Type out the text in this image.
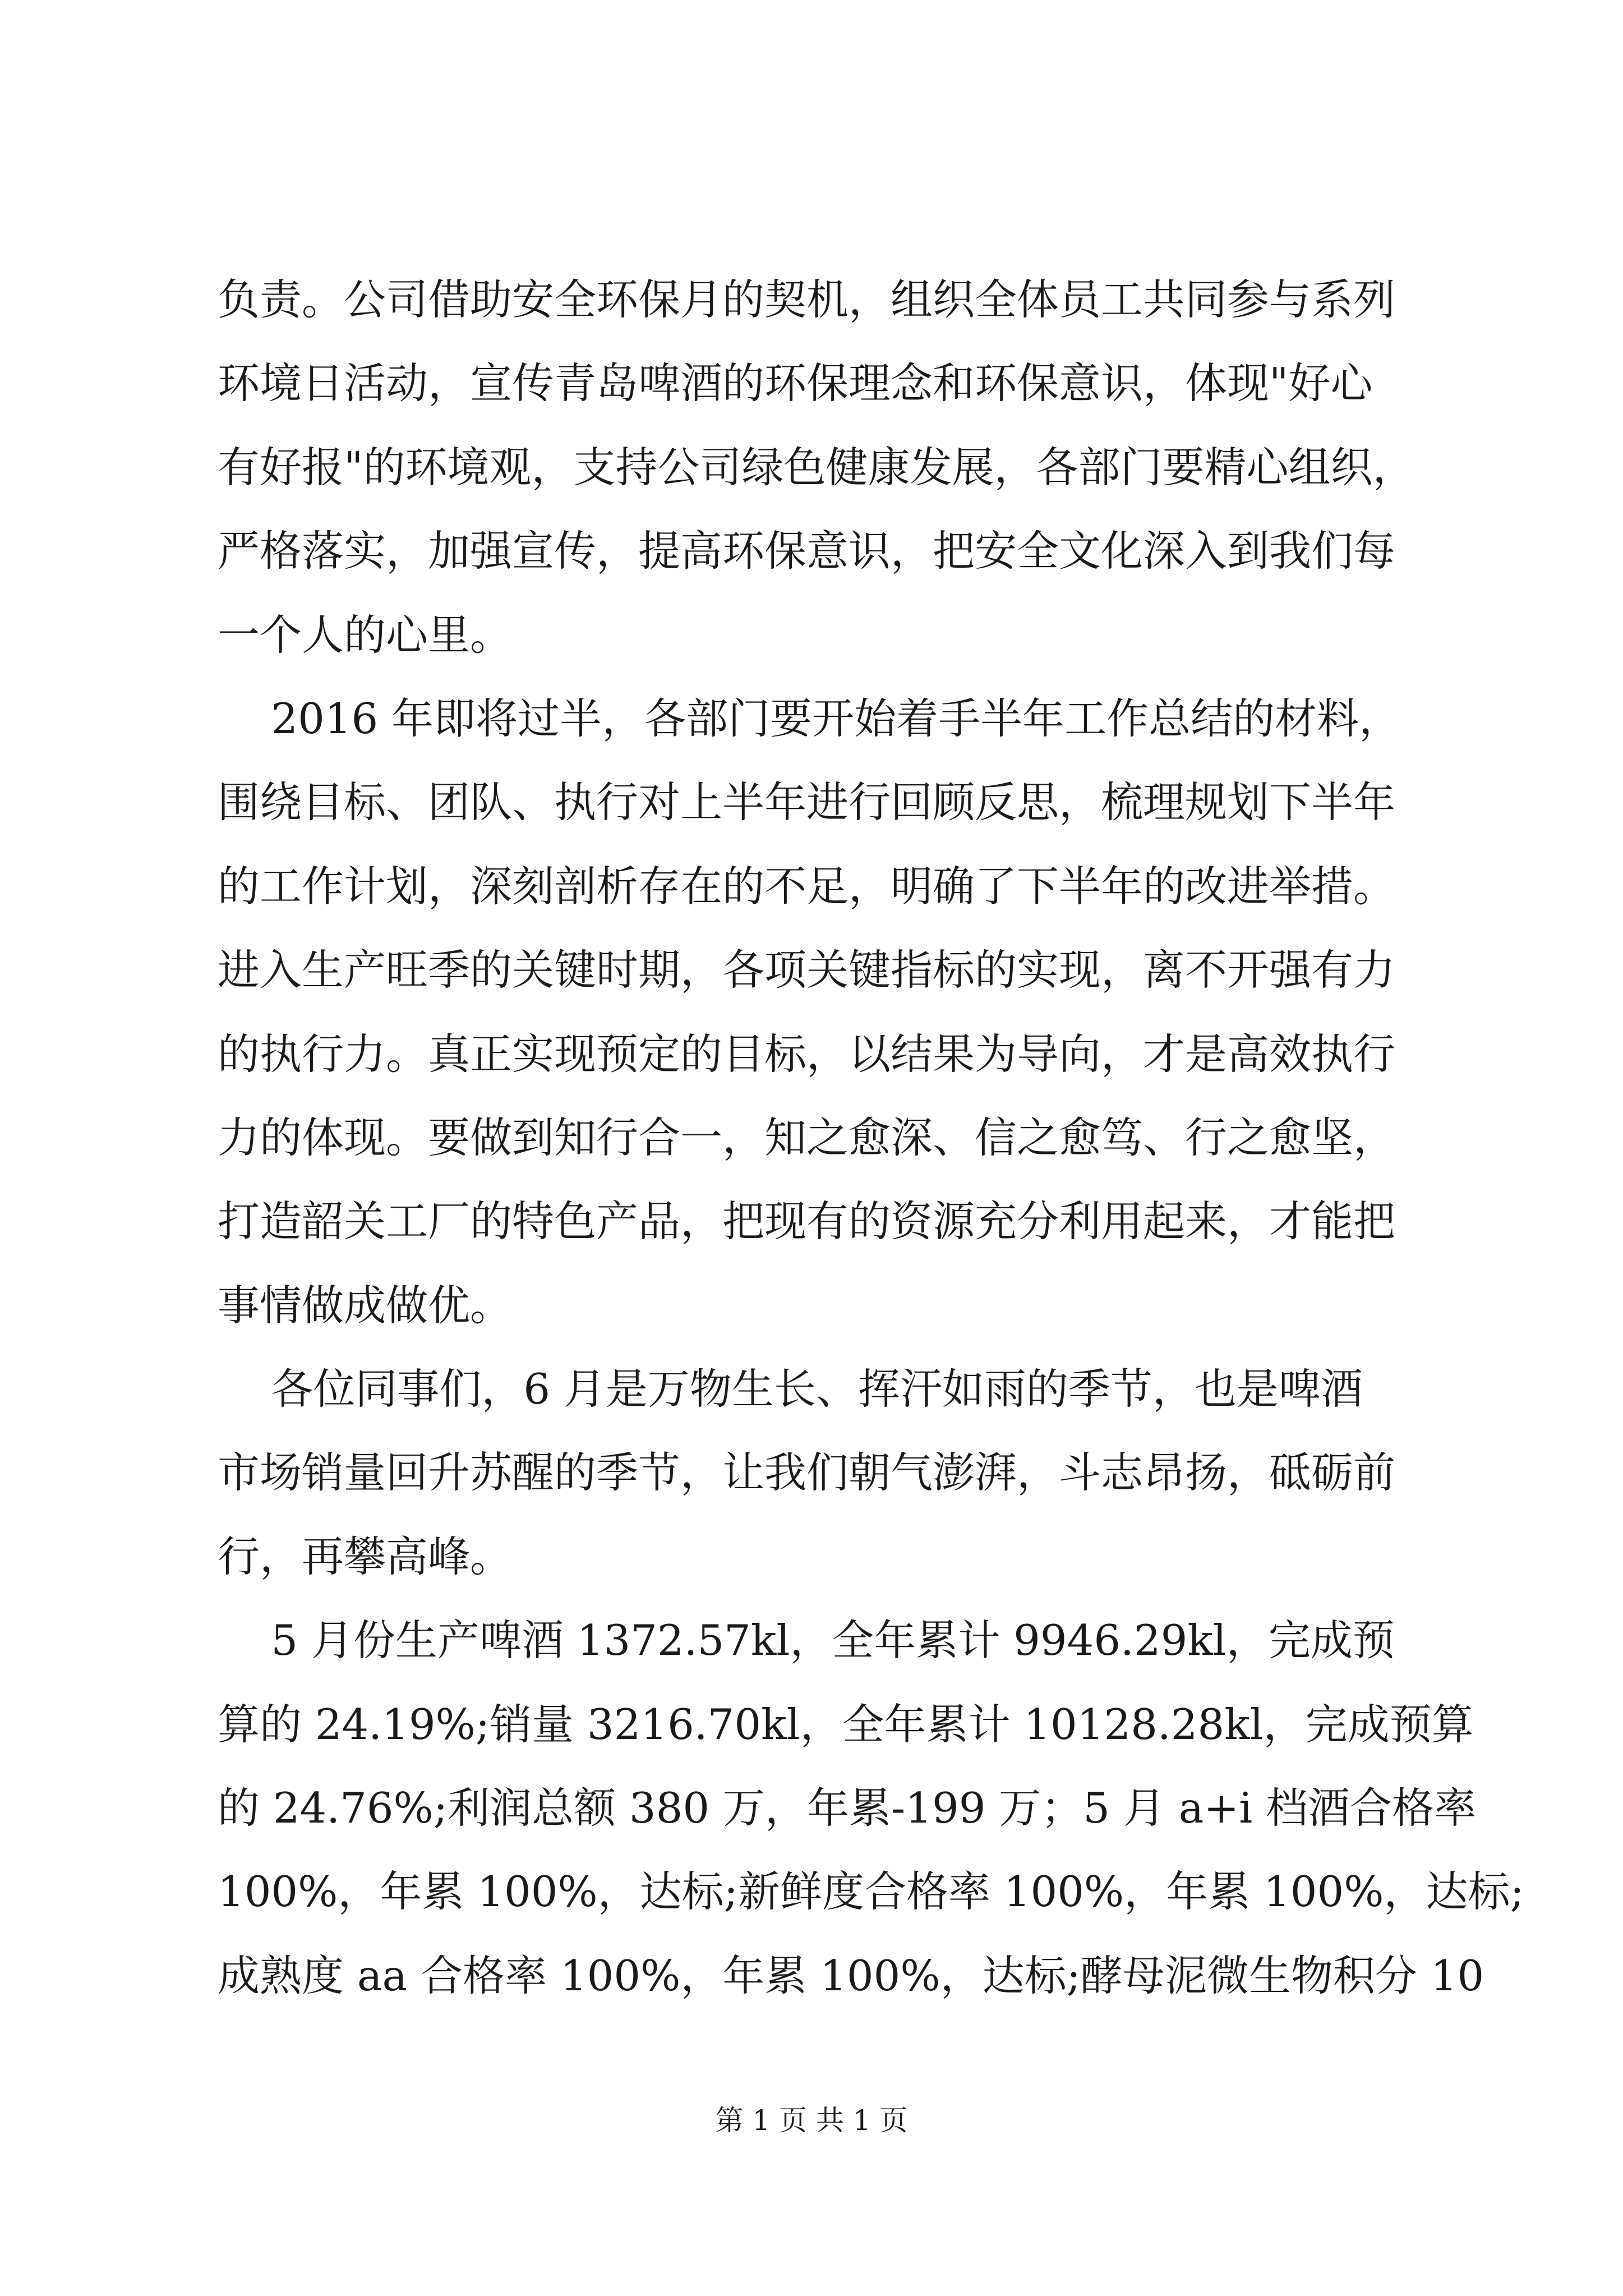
负责。公司借助安全环保月的契机，组织全体员工共同参与系列
环境日活动，宣传青岛啤酒的环保理念和环保意识，体现"好心
有好报"的环境观，支持公司绿色健康发展，各部门要精心组织，
严格落实，加强宣传，提高环保意识，把安全文化深入到我们每
一个人的心里。
2016 年即将过半，各部门要开始着手半年工作总结的材料，
围绕目标、团队、执行对上半年进行回顾反思，梳理规划下半年
的工作计划，深刻剖析存在的不足，明确了下半年的改进举措。
进入生产旺季的关键时期，各项关键指标的实现，离不开强有力
的执行力。真正实现预定的目标，以结果为导向，才是高效执行
力的体现。要做到知行合一，知之愈深、信之愈笃、行之愈坚，
打造韶关工厂的特色产品，把现有的资源充分利用起来，才能把
事情做成做优。
各位同事们，6 月是万物生长、挥汗如雨的季节，也是啤酒
市场销量回升苏醒的季节，让我们朝气澎湃，斗志昂扬，砥砺前
行，再攀高峰。
5 月份生产啤酒 1372.57kl，全年累计 9946.29kl，完成预
算的 24.19%;销量 3216.70kl，全年累计 10128.28kl，完成预算
的 24.76%;利润总额 380 万，年累-199 万；5 月 a+i 档酒合格率
100%，年累 100%，达标;新鲜度合格率 100%，年累 100%，达标;
成熟度 aa 合格率 100%，年累 100%，达标;酵母泥微生物积分 10
第 1 页 共 1 页
